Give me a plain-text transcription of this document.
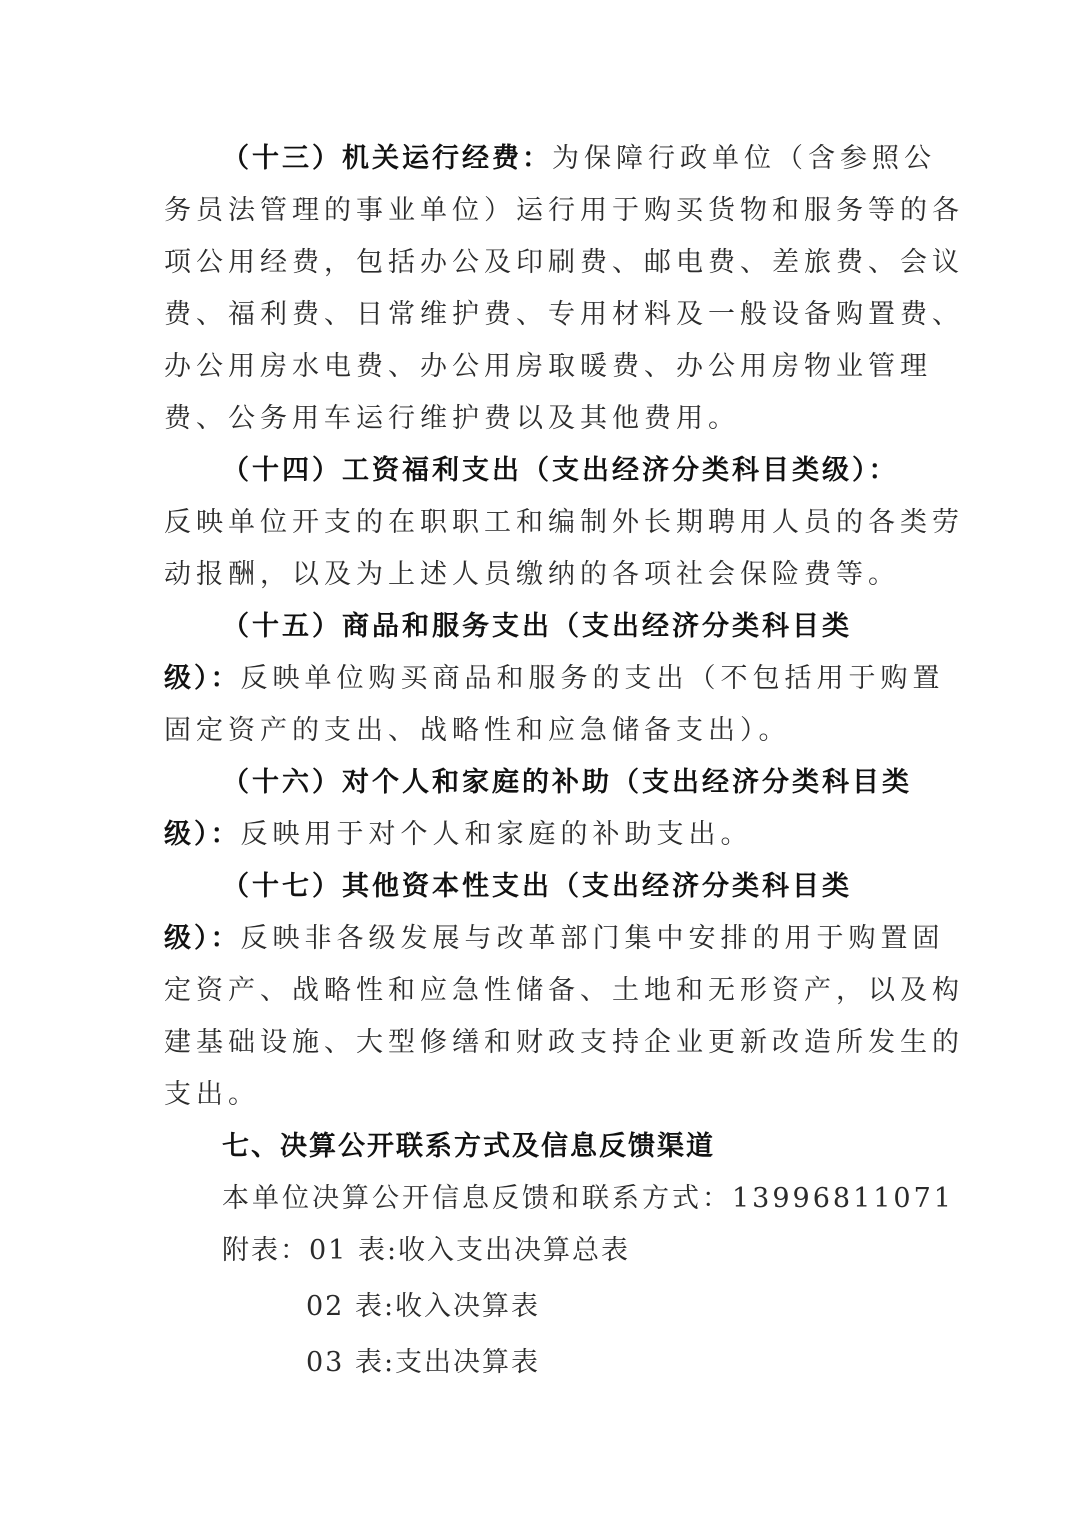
（十三）机关运行经费：为保障行政单位（含参照公
务员法管理的事业单位）运行用于购买货物和服务等的各
项公用经费，包括办公及印刷费、邮电费、差旅费、会议
费、福利费、日常维护费、专用材料及一般设备购置费、
办公用房水电费、办公用房取暖费、办公用房物业管理
费、公务用车运行维护费以及其他费用。
（十四）工资福利支出（支出经济分类科目类级）：
反映单位开支的在职职工和编制外长期聘用人员的各类劳
动报酬，以及为上述人员缴纳的各项社会保险费等。
（十五）商品和服务支出（支出经济分类科目类
级）：反映单位购买商品和服务的支出（不包括用于购置
固定资产的支出、战略性和应急储备支出）。
（十六）对个人和家庭的补助（支出经济分类科目类
级）：反映用于对个人和家庭的补助支出。
（十七）其他资本性支出（支出经济分类科目类
级）：反映非各级发展与改革部门集中安排的用于购置固
定资产、战略性和应急性储备、土地和无形资产，以及构
建基础设施、大型修缮和财政支持企业更新改造所发生的
支出。
七、决算公开联系方式及信息反馈渠道
本单位决算公开信息反馈和联系方式：13996811071
附表：01 表:收入支出决算总表
02 表:收入决算表
03 表:支出决算表
